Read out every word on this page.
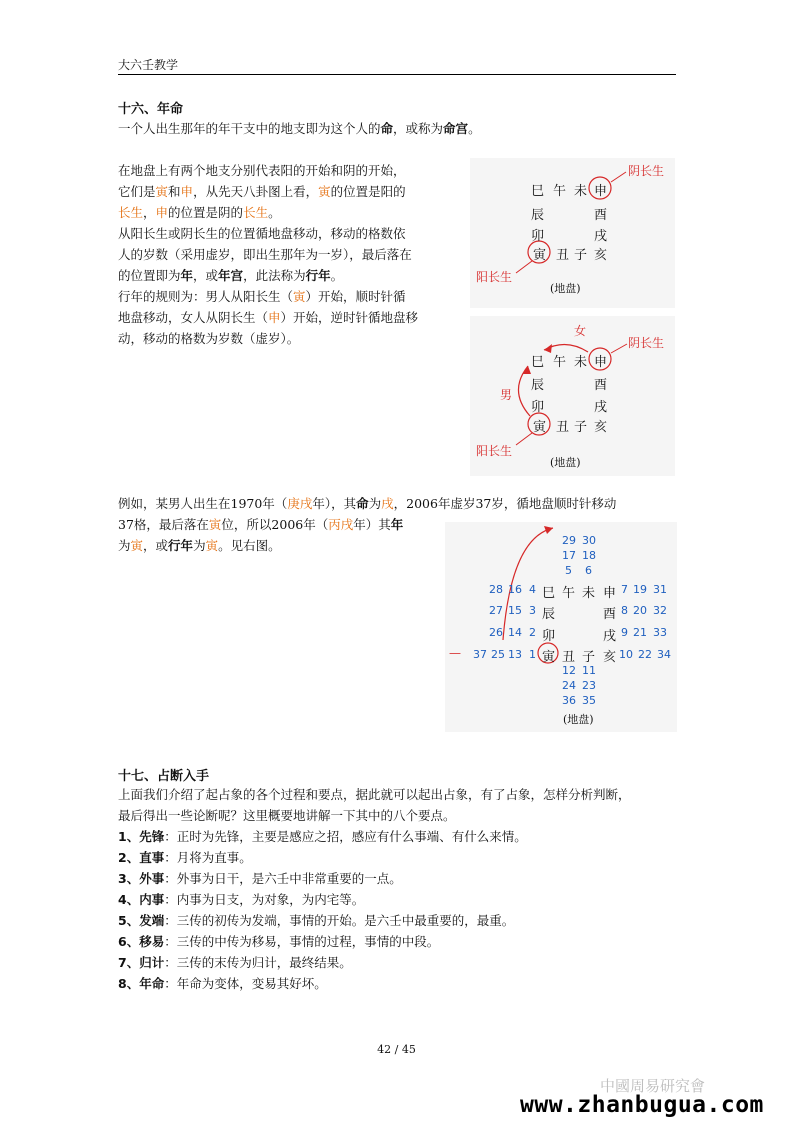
大六壬教学
十六、年命
一个人出生那年的年干支中的地支即为这个人的命，或称为命宫。
在地盘上有两个地支分别代表阳的开始和阴的开始，
它们是寅和申，从先天八卦图上看，寅的位置是阳的
长生，申的位置是阴的长生。
从阳长生或阴长生的位置循地盘移动，移动的格数依
人的岁数（采用虚岁，即出生那年为一岁），最后落在
的位置即为年，或年宫，此法称为行年。
行年的规则为：男人从阳长生（寅）开始，顺时针循
地盘移动，女人从阴长生（申）开始，逆时针循地盘移
动，移动的格数为岁数（虚岁）。
巳 午 未 申
辰	酉
卯	戌
寅 丑 子 亥
阴长生
阳长生
(地盘)
女
男
巳 午 未 申
辰	酉
卯	戌
寅 丑 子 亥
阴长生
阳长生
(地盘)
例如，某男人出生在1970年（庚戌年），其命为戌，2006年虚岁37岁，循地盘顺时针移动
37格，最后落在寅位，所以2006年（丙戌年）其年
为寅，或行年为寅。见右图。	29 30
17 18
5 6
28 16 4
27 15 3
26 14 2
37 25 13 1
7 19 31
8 20 32
9 21 33
10 22 34
12 11
24 23
36 35
—
巳 午 未 申
辰	酉
卯	戌
寅 丑 子 亥
(地盘)
十七、占断入手
上面我们介绍了起占象的各个过程和要点，据此就可以起出占象，有了占象，怎样分析判断，
最后得出一些论断呢？这里概要地讲解一下其中的八个要点。
1、先锋：正时为先锋，主要是感应之招，感应有什么事端、有什么来情。
2、直事：月将为直事。
3、外事：外事为日干，是六壬中非常重要的一点。
4、内事：内事为日支，为对象，为内宅等。
5、发端：三传的初传为发端，事情的开始。是六壬中最重要的，最重。
6、移易：三传的中传为移易，事情的过程，事情的中段。
7、归计：三传的末传为归计，最终结果。
8、年命：年命为变体，变易其好坏。
42 / 45
中國周易研究會
www.zhanbugua.com
